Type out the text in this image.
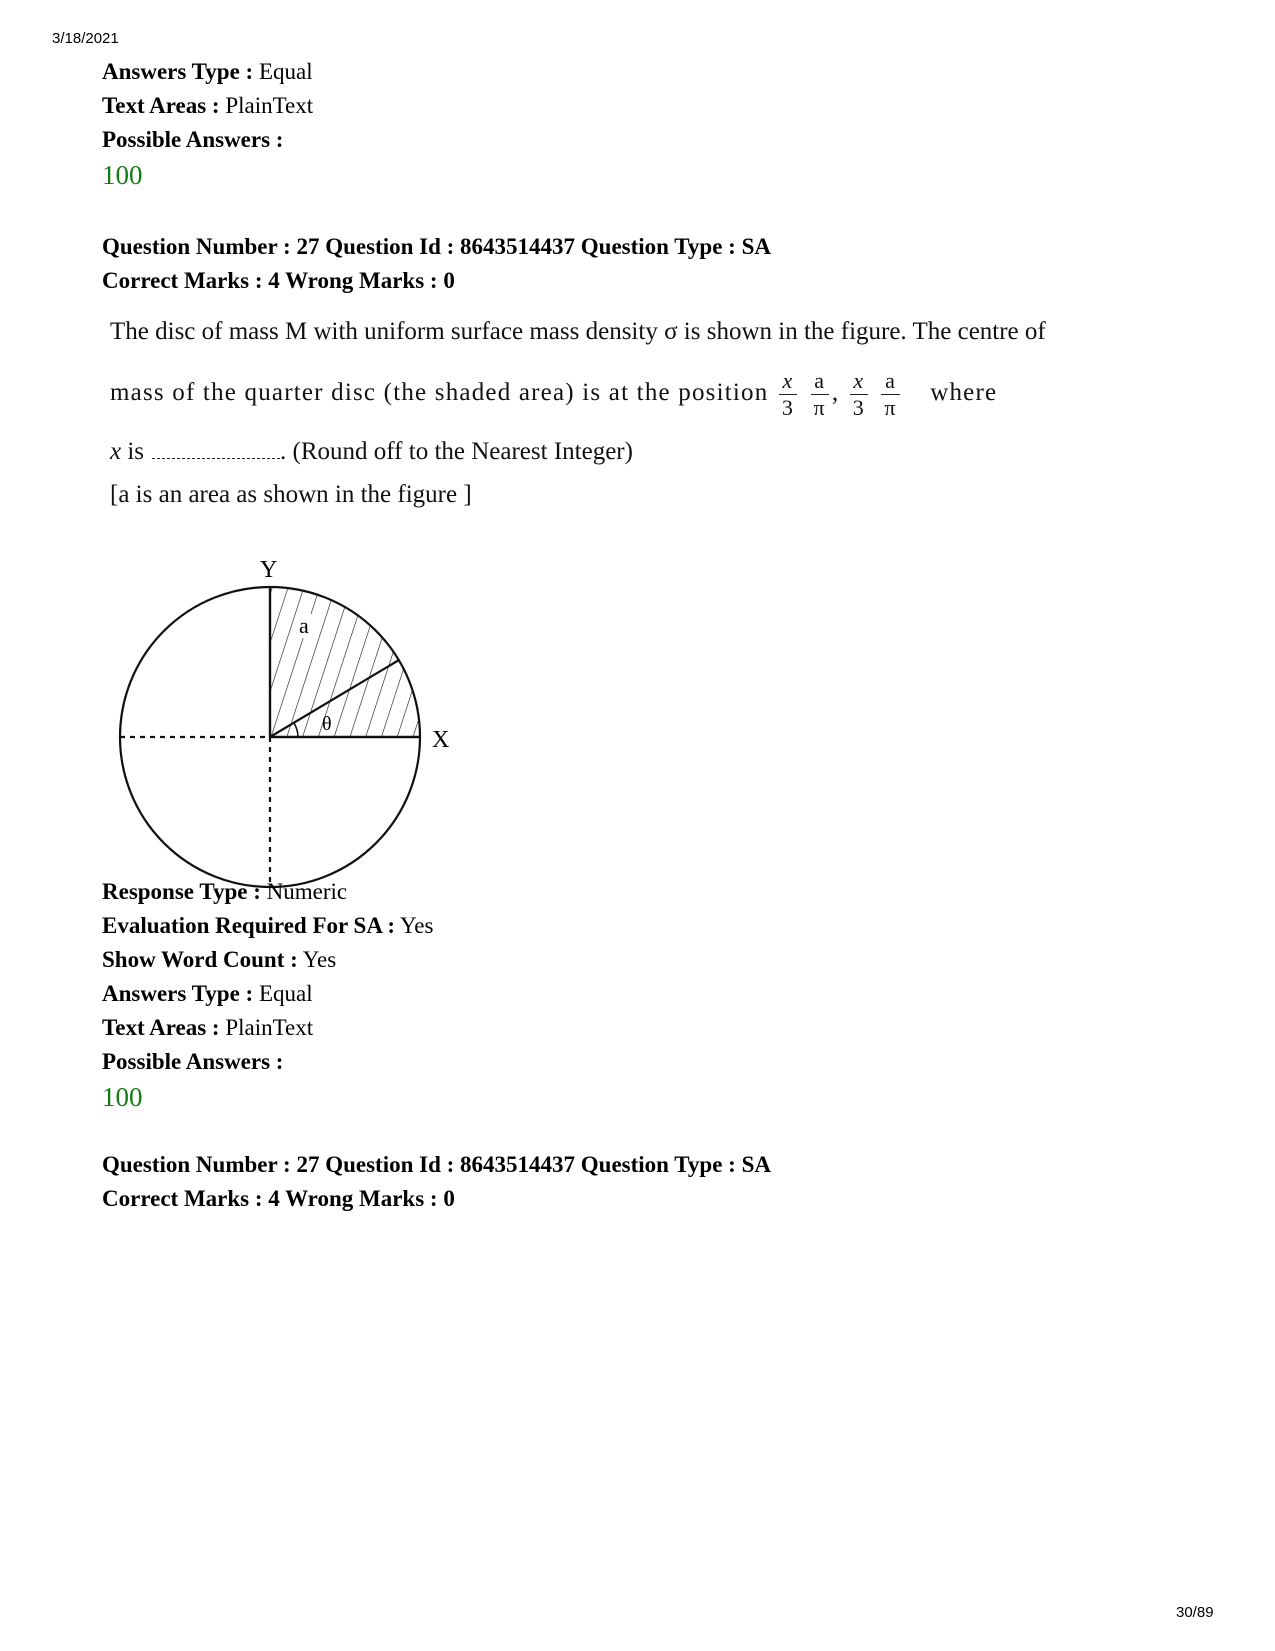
3/18/2021
Answers Type : Equal
Text Areas : PlainText
Possible Answers :
100
Question Number : 27 Question Id : 8643514437 Question Type : SA
Correct Marks : 4 Wrong Marks : 0
The disc of mass M with uniform surface mass density σ is shown in the figure. The centre of
mass of the quarter disc (the shaded area) is at the position $\frac{x}{3}$
$\frac{a}{\pi}$ , $\frac{x}{3}$
$\frac{a}{\pi}$ where
x is	. (Round off to the Nearest Integer)
[a is an area as shown in the figure ]
Y
X
a
θ
Response Type : Numeric
Evaluation Required For SA : Yes
Show Word Count : Yes
Answers Type : Equal
Text Areas : PlainText
Possible Answers :
100
Question Number : 27 Question Id : 8643514437 Question Type : SA
Correct Marks : 4 Wrong Marks : 0
30/89
